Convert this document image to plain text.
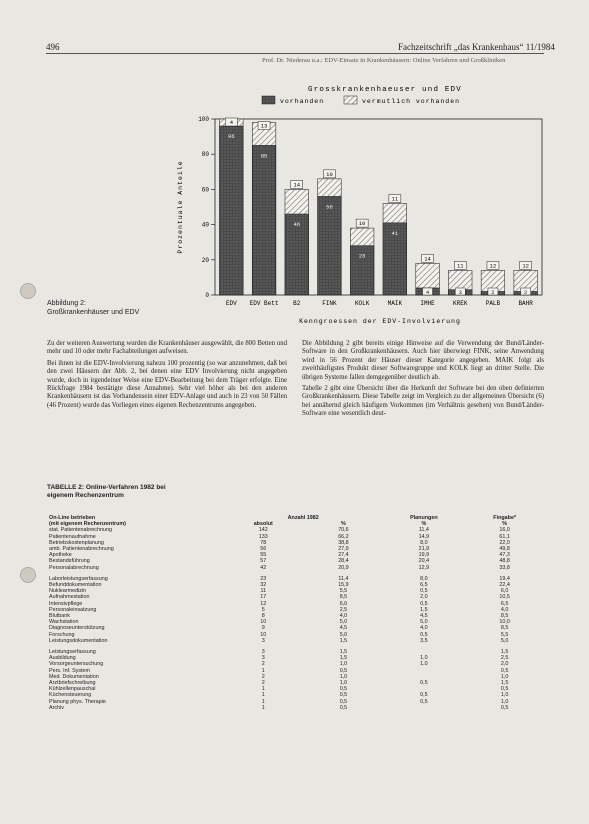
496	Fachzeitschrift „das Krankenhaus“ 11/1984
Prof. Dr. Niederau u.a.: EDV-Einsatz in Krankenhäusern: Online Verfahren und Großkliniken
Grosskrankenhaeuser und EDV
vorhanden	vermutlich vorhanden
0
20
40
60
80
100	4
96
13
85
14
46
10
56
10
28
11
41
14
4
11
3
12
2
12
2
EDV EDV Bett B2	FINK	KOLK	MAIK	IMHE	KREK	PALB	BAHR
Prozentuale Anteile
Kenngroessen der EDV-Involvierung
Abbildung 2:
Großkrankenhäuser und EDV

Zu der weiteren Auswertung wurden die Krankenhäuser ausgewählt, die 800 Betten und mehr und 10 oder mehr Fachabteilungen aufweisen.

Bei ihnen ist die EDV-Involvierung nahezu 100 prozentig (so war anzunehmen, daß bei den zwei Häusern der Abb. 2, bei denen eine EDV Involvierung nicht angegeben wurde, doch in irgendeiner Weise eine EDV-Bearbeitung bei dem Träger erfolgte. Eine Rückfrage 1984 bestätigte diese Annahme). Sehr viel höher als bei den anderen Krankenhäusern ist das Vorhandensein einer EDV-Anlage und auch in 23 von 50 Fällen (46 Prozent) wurde das Vorliegen eines eigenen Rechenzentrums angegeben.

Die Abbildung 2 gibt bereits einige Hinweise auf die Verwendung der Bund/Länder-Software in den Großkrankenhäusern. Auch hier überwiegt FINK, seine Anwendung wird in 56 Prozent der Häuser dieser Kategorie angegeben. MAIK folgt als zweithäufigstes Produkt dieser Softwaregruppe und KOLK liegt an dritter Stelle. Die übrigen Systeme fallen demgegenüber deutlich ab.

Tabelle 2 gibt eine Übersicht über die Herkunft der Software bei den oben definierten Großkrankenhäusern. Diese Tabelle zeigt im Vergleich zu der allgemeinen Übersicht (6) bei annähernd gleich häufigem Vorkommen (im Verhältnis gesehen) von Bund/Länder-Software eine wesentlich deut-

TABELLE 2: Online-Verfahren 1982 bei eigenem Rechenzentrum
On-Line betrieben	Anzahl 1982		Planungen	Fingabe*
(mit eigenem Rechenzentrum)	absolut	%	%	%
stat. Patientenabrechnung	142	70,6	11,4	16,0
Patientenaufnahme	133	66,2	14,9	61,1
Betriebskostenplanung	78	38,8	8,0	22,0
amb. Patientenabrechnung	56	27,9	21,9	49,8
Apotheke	55	27,4	19,9	47,3
Bestandsführung	57	28,4	20,4	48,8
Personalabrechnung	42	20,9	12,9	33,8

Laborleistungserfassung	23	11,4	8,0	19,4
Befunddokumentation	32	15,9	6,5	22,4
Nuklearmedizin	11	5,5	0,5	6,0
Aufnahmestation	17	8,5	2,0	10,5
Intensivpflege	12	6,0	0,5	6,5
Personaleinsatzung	5	2,5	1,5	4,0
Blutbank	8	4,0	4,5	8,5
Wachstation	10	5,0	5,0	10,0
Diagnoseunterstützung	9	4,5	4,0	8,5
Forschung	10	5,0	0,5	5,5
Leistungsdokumentation	3	1,5	3,5	5,0

Leistungserfassung	3	1,5		1,5
Ausbildung	3	1,5	1,0	2,5
Vorsorgeuntersuchung	2	1,0	1,0	2,0
Pers. Inf. System	1	0,5		0,5
Med. Dokumentation	2	1,0		1,0
Arztbriefschreibung	2	1,0	0,5	1,5
Kühlzellenpauschal	1	0,5		0,5
Küchensteuerung	1	0,5	0,5	1,0
Planung phys. Therapie	1	0,5	0,5	1,0
Archiv	1	0,5		0,5
